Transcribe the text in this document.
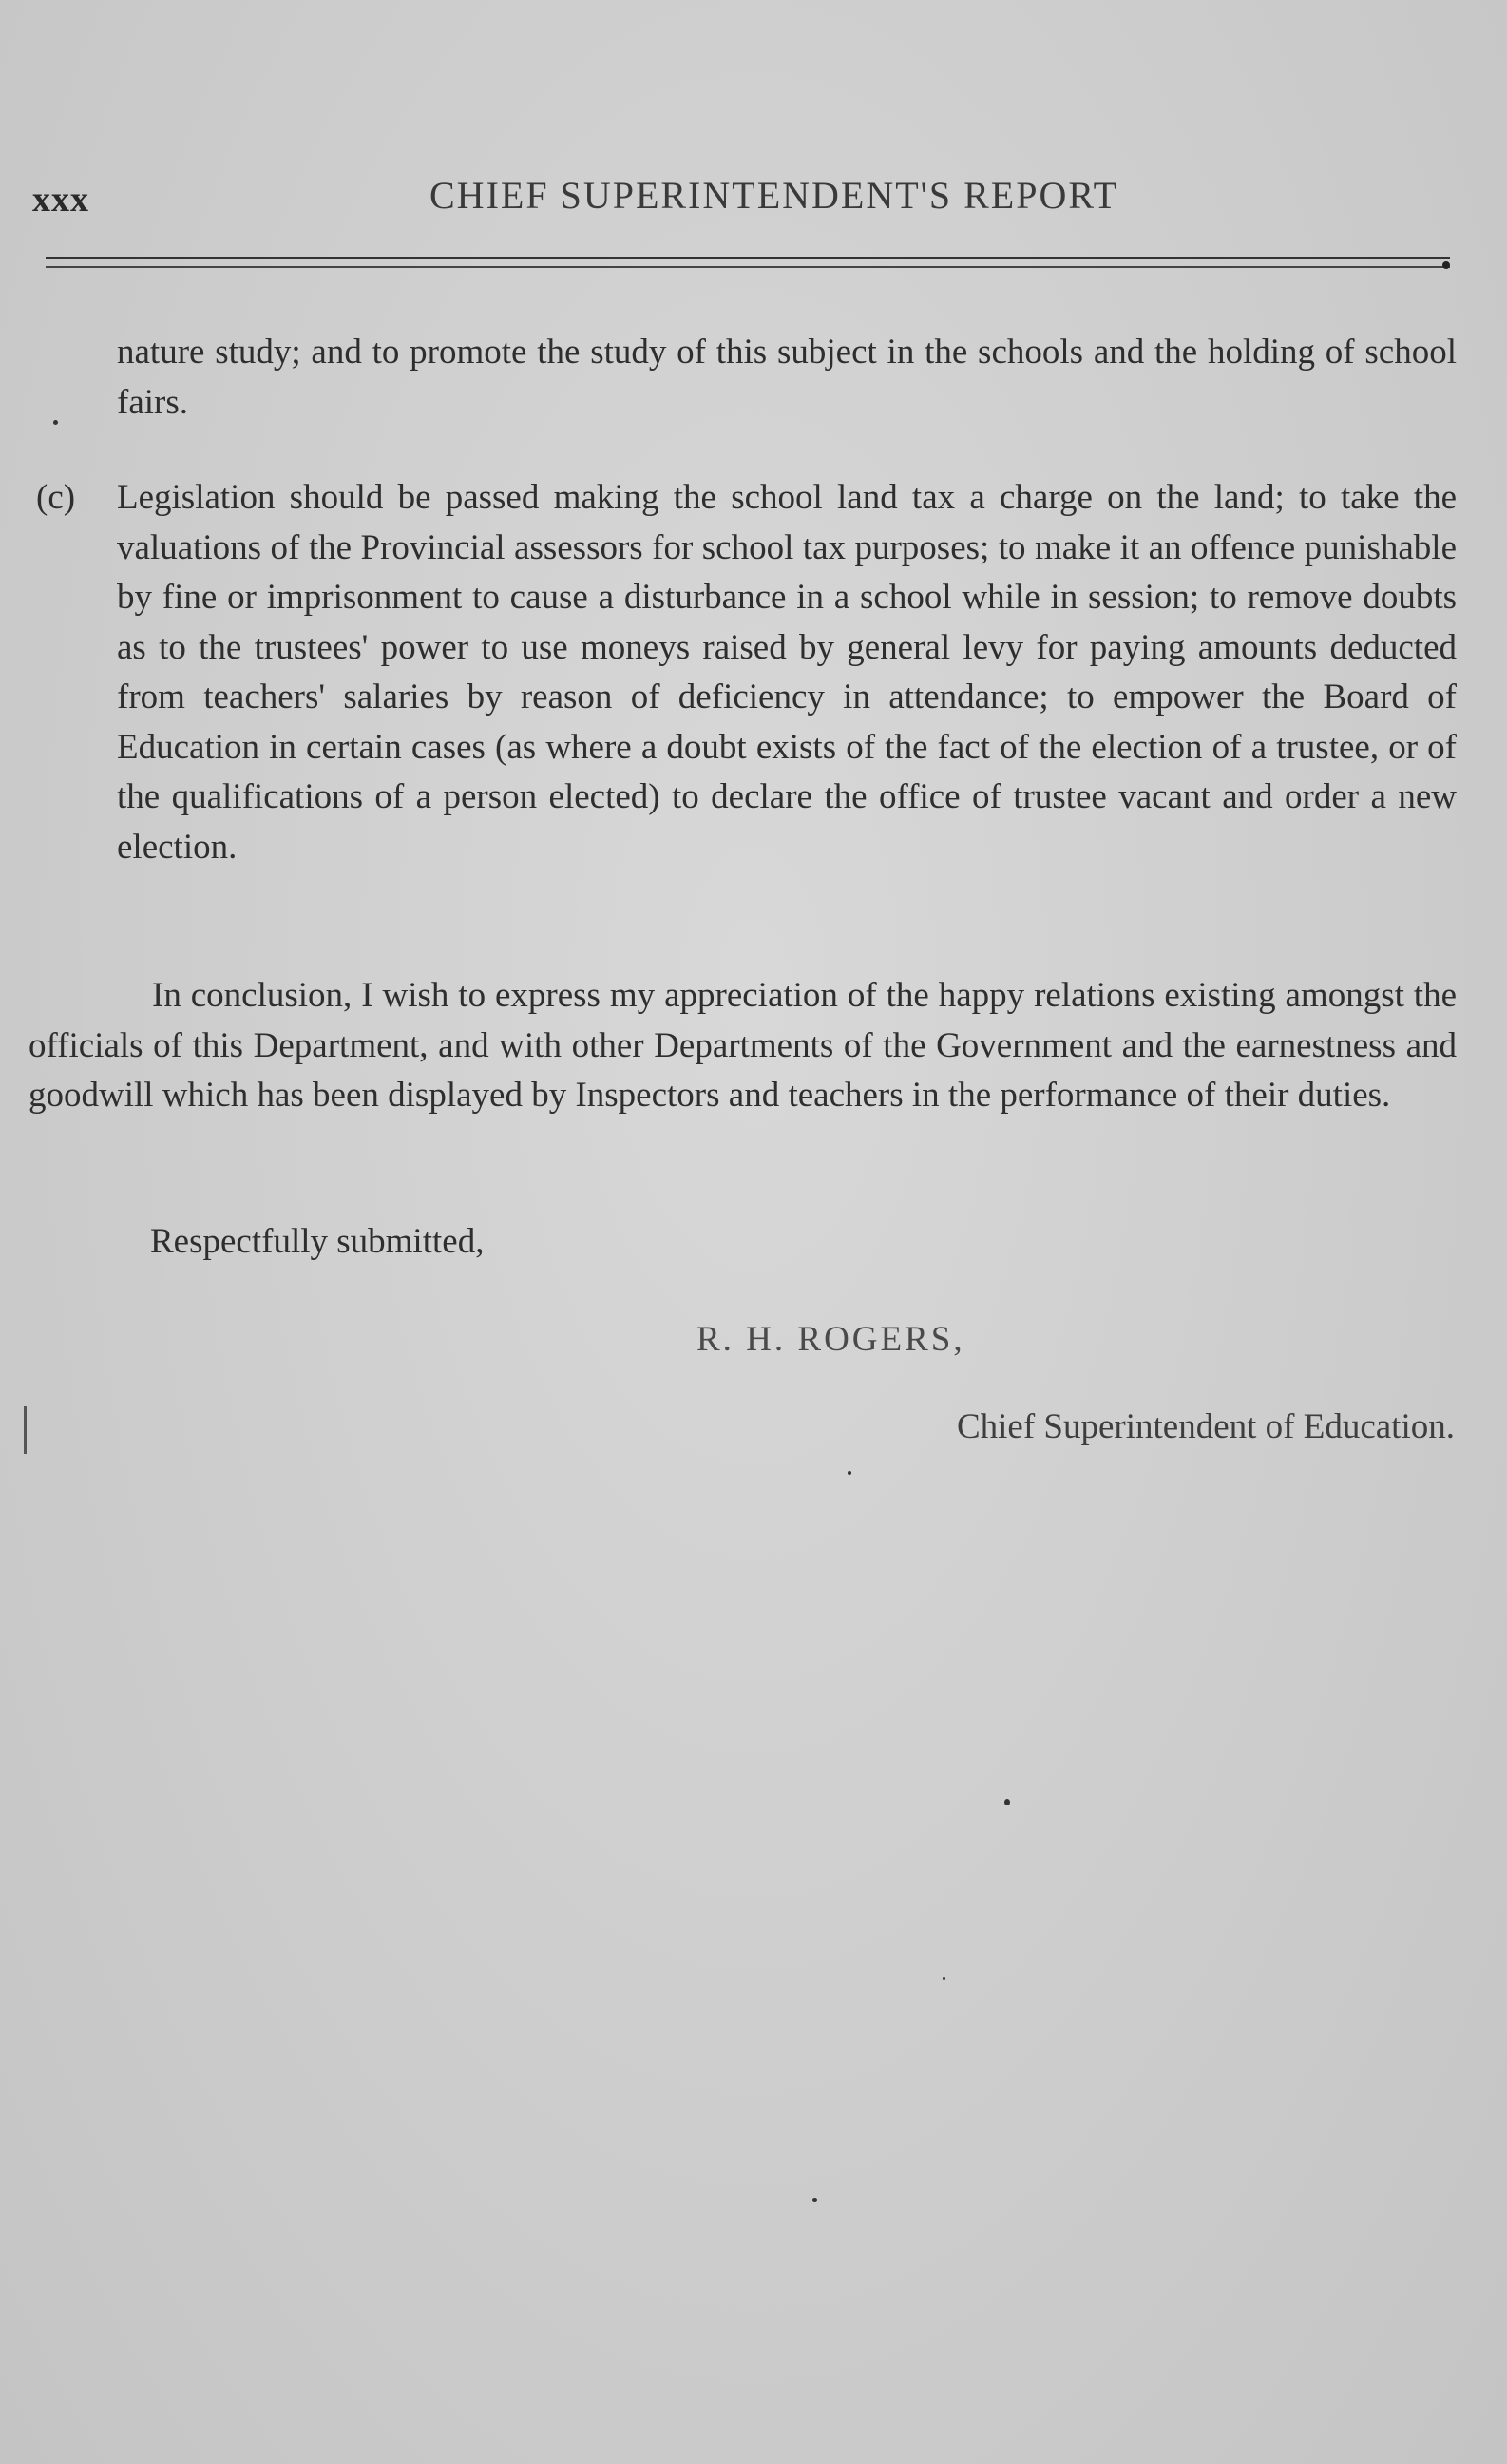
xxx	CHIEF SUPERINTENDENT'S REPORT

nature study; and to promote the study of this subject in the schools and the holding of school fairs.

(c) Legislation should be passed making the school land tax a charge on the land; to take the valuations of the Provincial assessors for school tax purposes; to make it an offence punishable by fine or imprisonment to cause a disturbance in a school while in session; to remove doubts as to the trustees' power to use moneys raised by general levy for paying amounts deducted from teachers' salaries by reason of deficiency in attendance; to empower the Board of Education in certain cases (as where a doubt exists of the fact of the election of a trustee, or of the qualifications of a person elected) to declare the office of trustee vacant and order a new election.

In conclusion, I wish to express my appreciation of the happy relations existing amongst the officials of this Department, and with other Departments of the Government and the earnestness and goodwill which has been displayed by Inspectors and teachers in the performance of their duties.

Respectfully submitted,
R. H. ROGERS,
Chief Superintendent of Education.
